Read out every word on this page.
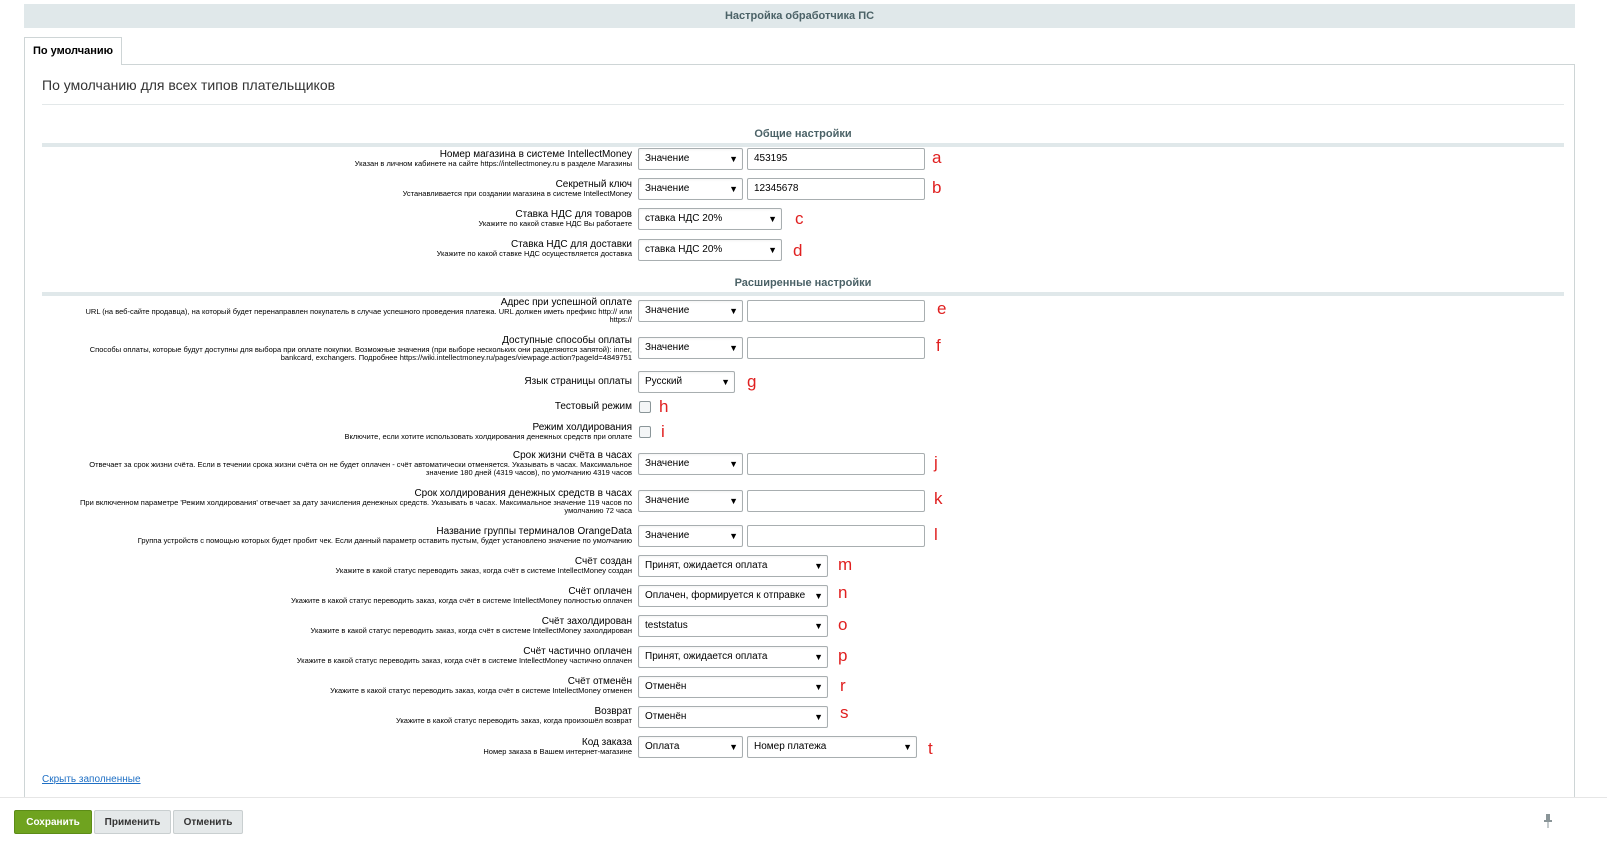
Настройка обработчика ПС
По умолчанию
По умолчанию для всех типов плательщиков
Общие настройки
Номер магазина в системе IntellectMoney
Указан в личном кабинете на сайте https://intellectmoney.ru в разделе Магазины	Значение	▼	453195	a
Секретный ключ
Устанавливается при создании магазина в системе IntellectMoney	Значение	▼	12345678	b
Ставка НДС для товаров
Укажите по какой ставке НДС Вы работаете	ставка НДС 20%	▼ c
Ставка НДС для доставки
Укажите по какой ставке НДС осуществляется доставка	ставка НДС 20%	▼ d
Расширенные настройки
Адрес при успешной оплате
URL (на веб-сайте продавца), на который будет перенаправлен покупатель в случае успешного проведения платежа. URL должен иметь префикс http:// или
https://
Значение	▼	e
Доступные способы оплаты
Способы оплаты, которые будут доступны для выбора при оплате покупки. Возможные значения (при выборе нескольких они разделяются запятой): inner,
bankcard, exchangers. Подробнее https://wiki.intellectmoney.ru/pages/viewpage.action?pageId=4849751
Значение	▼	f
Язык страницы оплаты	Русский	▼ g
Тестовый режим h
Режим холдирования
Включите, если хотите использовать холдирования денежных средств при оплате i
Срок жизни счёта в часах
Отвечает за срок жизни счёта. Если в течении срока жизни счёта он не будет оплачен - счёт автоматически отменяется. Указывать в часах. Максимальное
значение 180 дней (4319 часов), по умолчанию 4319 часов
Значение	▼	j
Срок холдирования денежных средств в часах
При включенном параметре 'Режим холдирования' отвечает за дату зачисления денежных средств. Указывать в часах. Максимальное значение 119 часов по
умолчанию 72 часа
Значение	▼	k
Название группы терминалов OrangeData
Группа устройств с помощью которых будет пробит чек. Если данный параметр оставить пустым, будет установлено значение по умолчанию	Значение	▼	l
Счёт создан
Укажите в какой статус переводить заказ, когда счёт в системе IntellectMoney создан	Принят, ожидается оплата	▼ m
Счёт оплачен
Укажите в какой статус переводить заказ, когда счёт в системе IntellectMoney полностью оплачен	Оплачен, формируется к отправке ▼ n
Счёт захолдирован
Укажите в какой статус переводить заказ, когда счёт в системе IntellectMoney захолдирован	teststatus	▼ o
Счёт частично оплачен
Укажите в какой статус переводить заказ, когда счёт в системе IntellectMoney частично оплачен	Принят, ожидается оплата	▼ p
Счёт отменён
Укажите в какой статус переводить заказ, когда счёт в системе IntellectMoney отменен	Отменён	▼ r
Возврат
Укажите в какой статус переводить заказ, когда произошёл возврат	Отменён	▼ s
Код заказа
Номер заказа в Вашем интернет-магазине	Оплата	▼	Номер платежа	▼ t
Скрыть заполненные
Сохранить	Применить	Отменить
